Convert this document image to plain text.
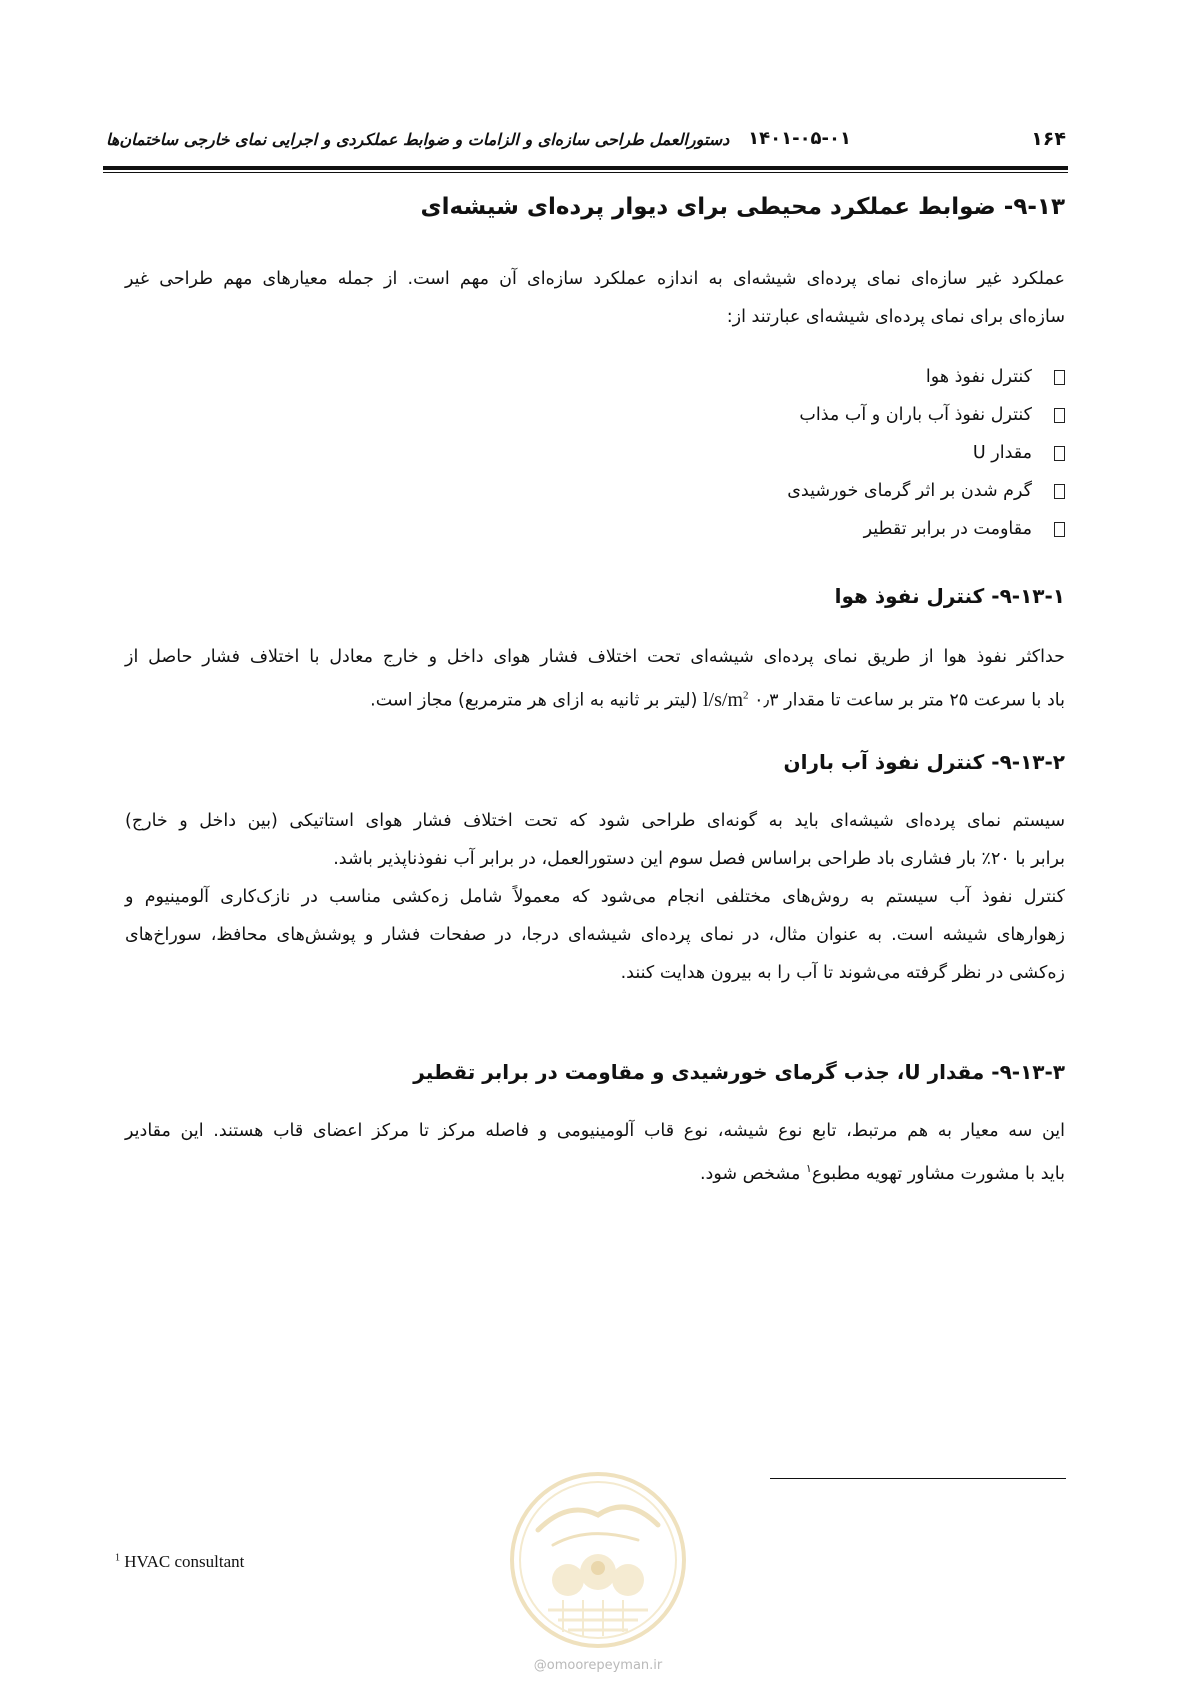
۱۶۴
۱۴۰۱-۰۵-۰۱
دستورالعمل طراحی سازه‌ای و الزامات و ضوابط عملکردی و اجرایی نمای خارجی ساختمان‌ها
۹-۱۳- ضوابط عملکرد محیطی برای دیوار پرده‌ای شیشه‌ای
عملکرد غیر سازه‌ای نمای پرده‌ای شیشه‌ای به اندازه عملکرد سازه‌ای آن مهم است. از جمله معیارهای مهم طراحی غیر
سازه‌ای برای نمای پرده‌ای شیشه‌ای عبارتند از:
کنترل نفوذ هوا
کنترل نفوذ آب باران و آب مذاب
مقدار U
گرم شدن بر اثر گرمای خورشیدی
مقاومت در برابر تقطیر
۹-۱۳-۱- کنترل نفوذ هوا
حداکثر نفوذ هوا از طریق نمای پرده‌ای شیشه‌ای تحت اختلاف فشار هوای داخل و خارج معادل با اختلاف فشار حاصل از
باد با سرعت ۲۵ متر بر ساعت تا مقدار $l/s/m^2$ ۰٫۳ (لیتر بر ثانیه به ازای هر مترمربع) مجاز است.
۹-۱۳-۲- کنترل نفوذ آب باران
سیستم نمای پرده‌ای شیشه‌ای باید به گونه‌ای طراحی شود که تحت اختلاف فشار هوای استاتیکی (بین داخل و خارج)
برابر با ۲۰٪ بار فشاری باد طراحی براساس فصل سوم این دستورالعمل، در برابر آب نفوذناپذیر باشد.
کنترل نفوذ آب سیستم به روش‌های مختلفی انجام می‌شود که معمولاً شامل زه‌کشی مناسب در نازک‌کاری آلومینیوم و
زهوارهای شیشه است. به عنوان مثال، در نمای پرده‌ای شیشه‌ای درجا، در صفحات فشار و پوشش‌های محافظ، سوراخ‌های
زه‌کشی در نظر گرفته می‌شوند تا آب را به بیرون هدایت کنند.
۹-۱۳-۳- مقدار U، جذب گرمای خورشیدی و مقاومت در برابر تقطیر
این سه معیار به هم مرتبط، تابع نوع شیشه، نوع قاب آلومینیومی و فاصله مرکز تا مرکز اعضای قاب هستند. این مقادیر
باید با مشورت مشاور تهویه مطبوع$^۱$ مشخص شود.
$^1$ HVAC consultant
@omoorepeyman.ir
